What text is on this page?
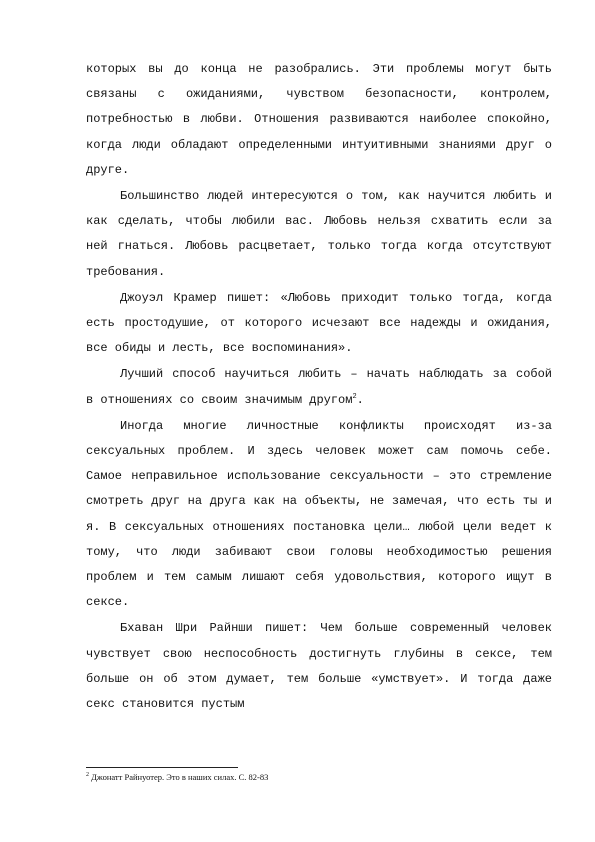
которых вы до конца не разобрались. Эти проблемы могут быть связаны с ожиданиями, чувством безопасности, контролем, потребностью в любви. Отношения развиваются наиболее спокойно, когда люди обладают определенными интуитивными знаниями друг о друге.

Большинство людей интересуются о том, как научится любить и как сделать, чтобы любили вас. Любовь нельзя схватить если за ней гнаться. Любовь расцветает, только тогда когда отсутствуют требования.

Джоуэл Крамер пишет: «Любовь приходит только тогда, когда есть простодушие, от которого исчезают все надежды и ожидания, все обиды и лесть, все воспоминания».

Лучший способ научиться любить – начать наблюдать за собой в отношениях со своим значимым другом$^2$.

Иногда многие личностные конфликты происходят из-за сексуальных проблем. И здесь человек может сам помочь себе. Самое неправильное использование сексуальности – это стремление смотреть друг на друга как на объекты, не замечая, что есть ты и я. В сексуальных отношениях постановка цели… любой цели ведет к тому, что люди забивают свои головы необходимостью решения проблем и тем самым лишают себя удовольствия, которого ищут в сексе.

Бхаван Шри Райнши пишет: Чем больше современный человек чувствует свою неспособность достигнуть глубины в сексе, тем больше он об этом думает, тем больше «умствует». И тогда даже секс становится пустым

$^2$ Джонатт Райнуотер. Это в наших силах. С. 82-83
